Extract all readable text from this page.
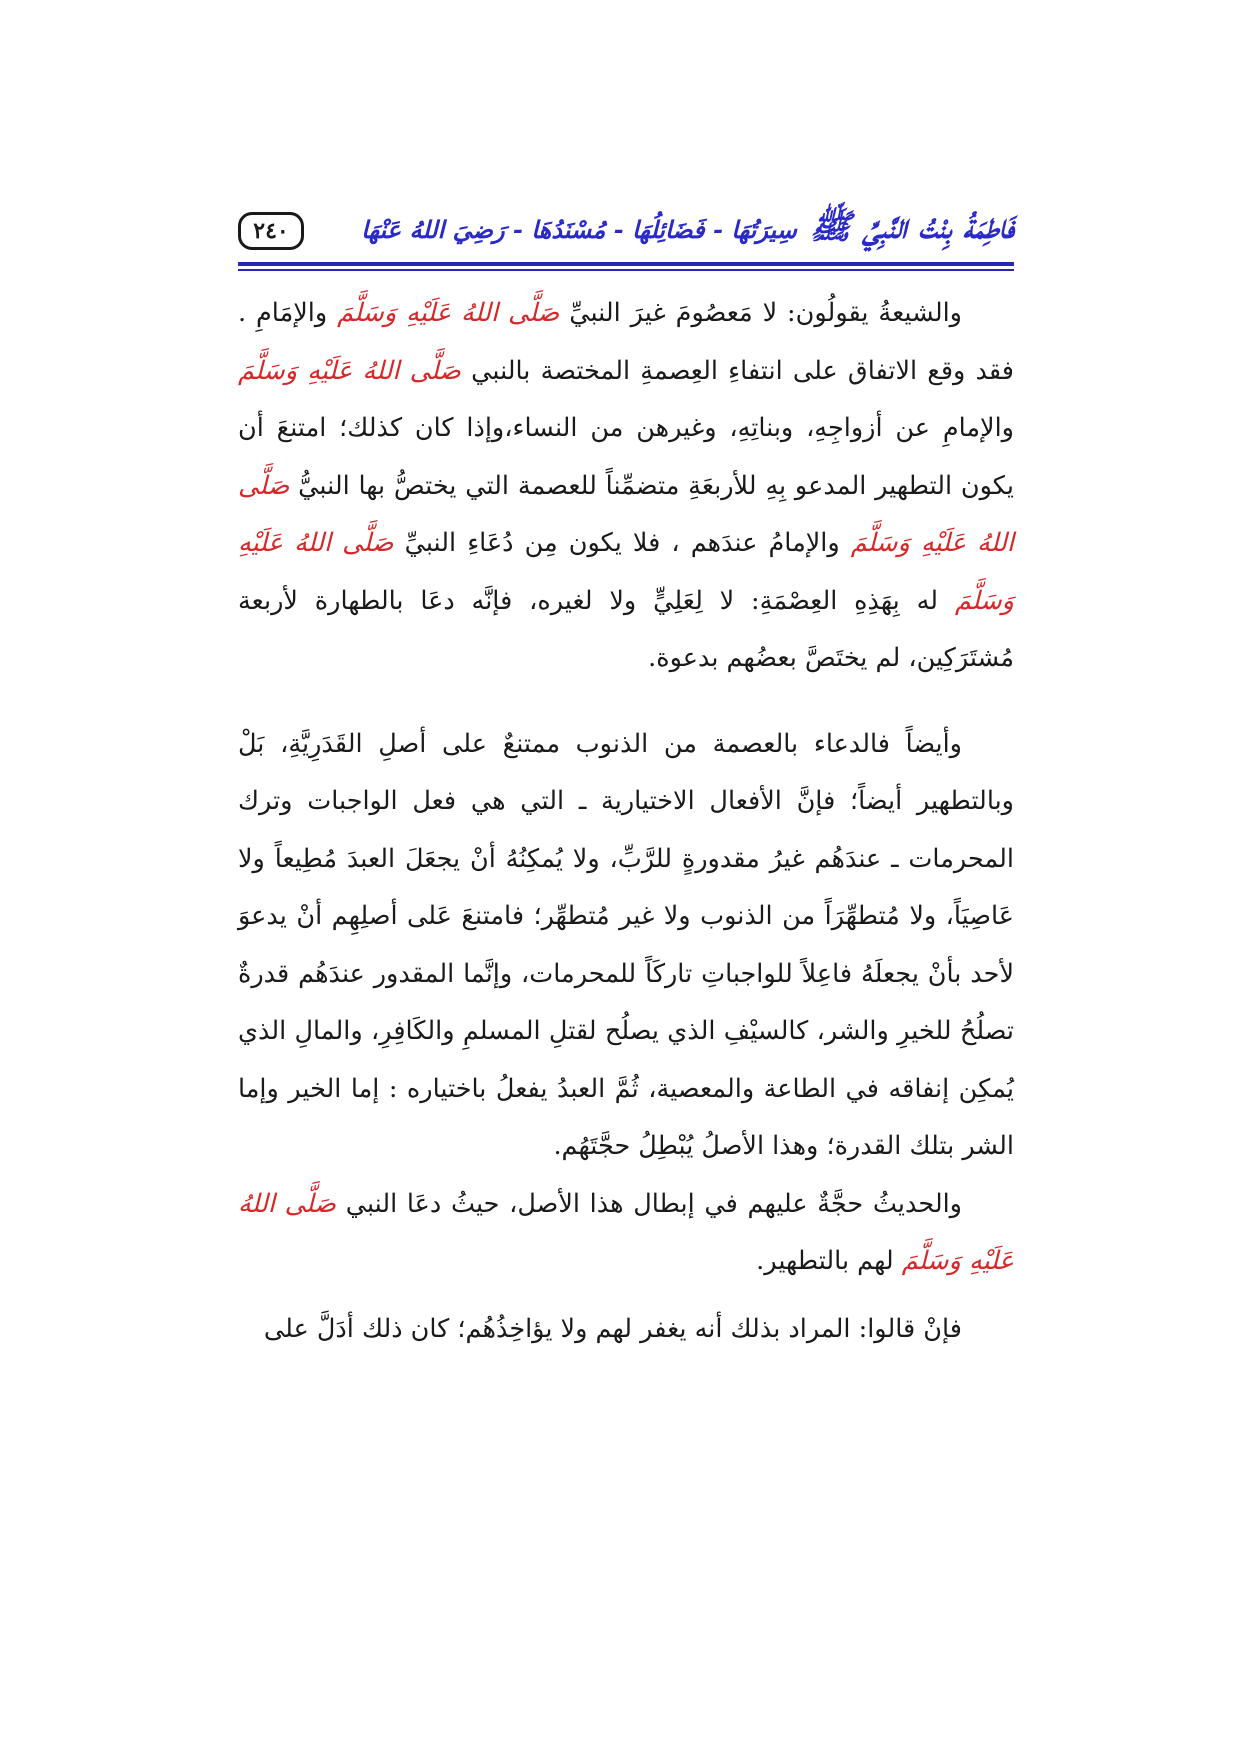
٢٤٠	فَاطِمَةُ بِنْتُ النَّبِيِّ ﷺ سِيرَتُهَا - فَضَائِلُهَا - مُسْنَدُهَا - رَضِيَ اللهُ عَنْهَا

والشيعةُ يقولُون: لا مَعصُومَ غيرَ النبيِّ صَلَّى اللهُ عَلَيْهِ وَسَلَّمَ والإمَامِ . فقد وقع الاتفاق على انتفاءِ العِصمةِ المختصة بالنبي صَلَّى اللهُ عَلَيْهِ وَسَلَّمَ والإمامِ عن أزواجِهِ، وبناتِهِ، وغيرهن من النساء،وإذا كان كذلك؛ امتنعَ أن يكون التطهير المدعو بِهِ للأربعَةِ متضمِّناً للعصمة التي يختصُّ بها النبيُّ صَلَّى اللهُ عَلَيْهِ وَسَلَّمَ والإمامُ عندَهم ، فلا يكون مِن دُعَاءِ النبيِّ صَلَّى اللهُ عَلَيْهِ وَسَلَّمَ له بِهَذِهِ العِصْمَةِ: لا لِعَلِيٍّ ولا لغيره، فإنَّه دعَا بالطهارة لأربعة مُشتَرَكِين، لم يختَصَّ بعضُهم بدعوة.

وأيضاً فالدعاء بالعصمة من الذنوب ممتنعٌ على أصلِ القَدَرِيَّةِ، بَلْ وبالتطهير أيضاً؛ فإنَّ الأفعال الاختيارية ـ التي هي فعل الواجبات وترك المحرمات ـ عندَهُم غيرُ مقدورةٍ للرَّبِّ، ولا يُمكِنُهُ أنْ يجعَلَ العبدَ مُطِيعاً ولا عَاصِيَاً، ولا مُتطهِّرَاً من الذنوب ولا غير مُتطهِّر؛ فامتنعَ عَلى أصلِهِم أنْ يدعوَ لأحد بأنْ يجعلَهُ فاعِلاً للواجباتِ تاركَاً للمحرمات، وإنَّما المقدور عندَهُم قدرةٌ تصلُحُ للخيرِ والشر، كالسيْفِ الذي يصلُح لقتلِ المسلمِ والكَافِرِ، والمالِ الذي يُمكِن إنفاقه في الطاعة والمعصية، ثُمَّ العبدُ يفعلُ باختياره : إما الخير وإما الشر بتلك القدرة؛ وهذا الأصلُ يُبْطِلُ حجَّتَهُم.

والحديثُ حجَّةٌ عليهم في إبطال هذا الأصل، حيثُ دعَا النبي صَلَّى اللهُ عَلَيْهِ وَسَلَّمَ لهم بالتطهير.

فإنْ قالوا: المراد بذلك أنه يغفر لهم ولا يؤاخِذُهُم؛ كان ذلك أدَلَّ على
